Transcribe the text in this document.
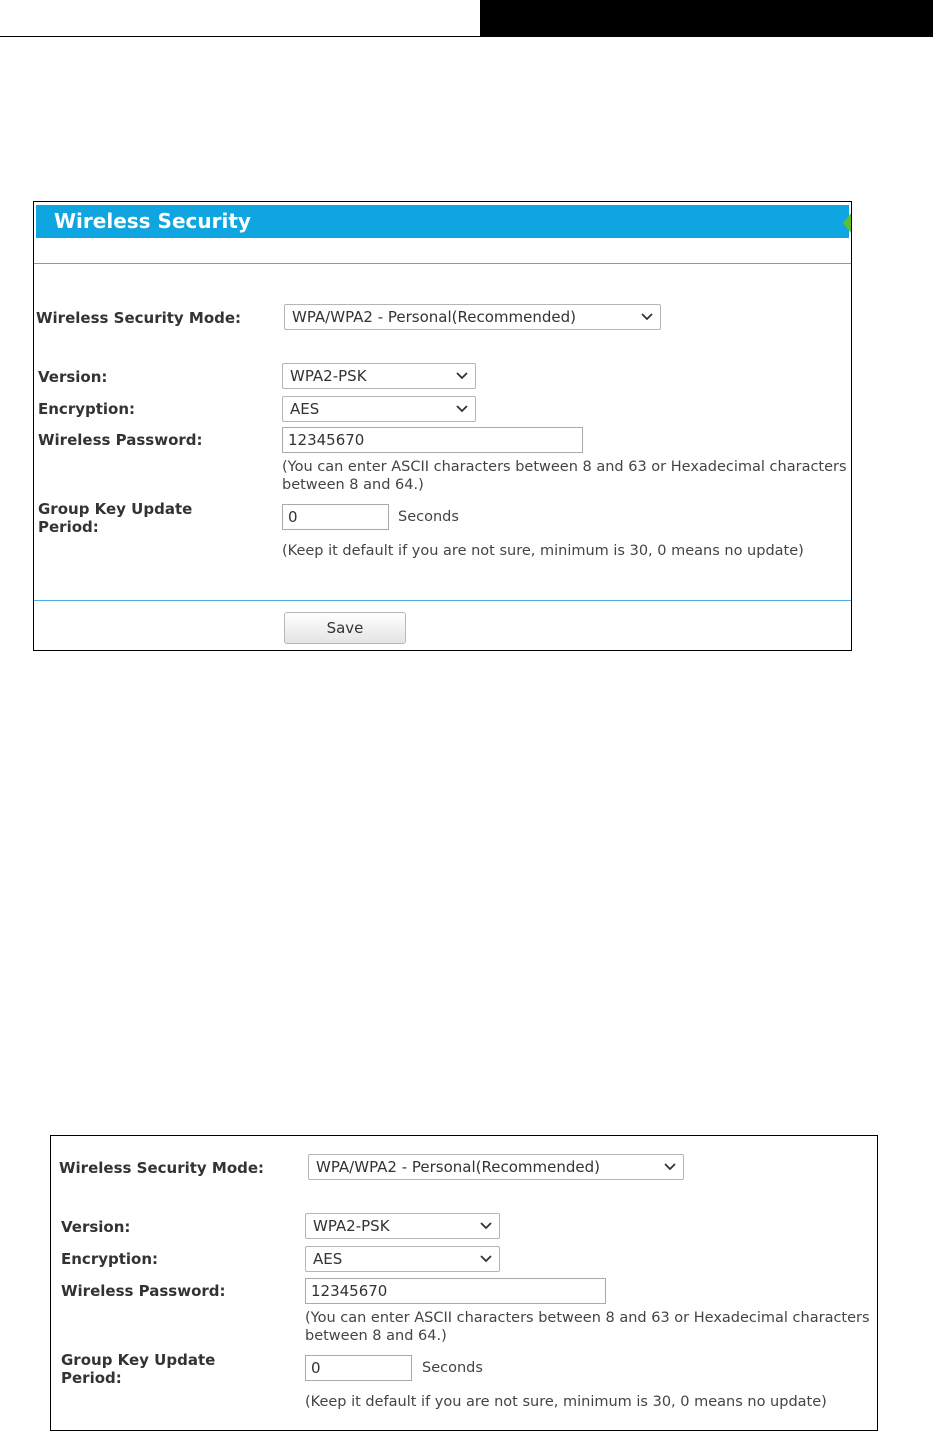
Wireless Security
Wireless Security Mode:	WPA/WPA2 - Personal(Recommended)
Version:	WPA2-PSK
Encryption:	AES
Wireless Password:	12345670
(You can enter ASCII characters between 8 and 63 or Hexadecimal characters
between 8 and 64.)
Group Key Update
Period:
0	Seconds
(Keep it default if you are not sure, minimum is 30, 0 means no update)
Save
Wireless Security Mode:	WPA/WPA2 - Personal(Recommended)
Version:	WPA2-PSK
Encryption:	AES
Wireless Password:	12345670
(You can enter ASCII characters between 8 and 63 or Hexadecimal characters
between 8 and 64.)
Group Key Update
Period:
0	Seconds
(Keep it default if you are not sure, minimum is 30, 0 means no update)
